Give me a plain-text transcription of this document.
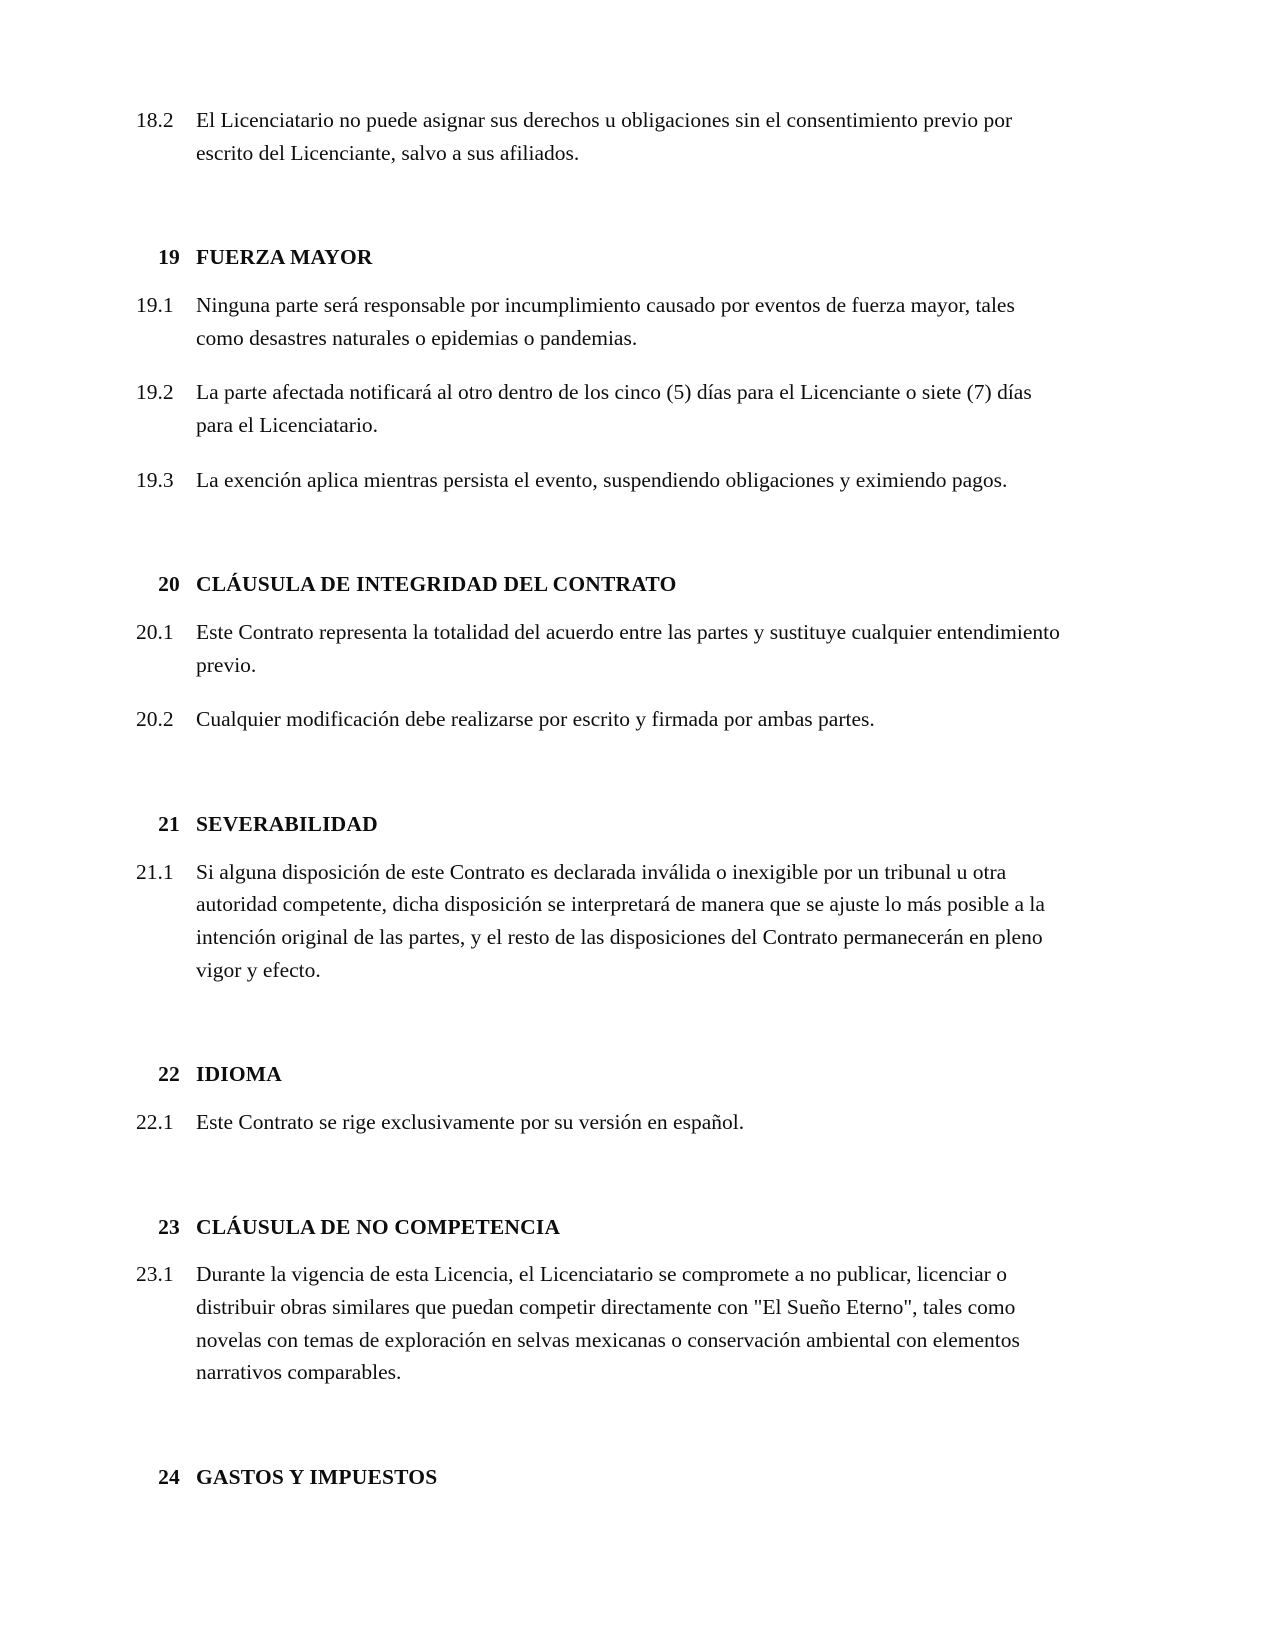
18.2	El Licenciatario no puede asignar sus derechos u obligaciones sin el consentimiento previo por escrito del Licenciante, salvo a sus afiliados.
19 FUERZA MAYOR
19.1	Ninguna parte será responsable por incumplimiento causado por eventos de fuerza mayor, tales como desastres naturales o epidemias o pandemias.
19.2	La parte afectada notificará al otro dentro de los cinco (5) días para el Licenciante o siete (7) días para el Licenciatario.
19.3	La exención aplica mientras persista el evento, suspendiendo obligaciones y eximiendo pagos.
20 CLÁUSULA DE INTEGRIDAD DEL CONTRATO
20.1	Este Contrato representa la totalidad del acuerdo entre las partes y sustituye cualquier entendimiento previo.
20.2	Cualquier modificación debe realizarse por escrito y firmada por ambas partes.
21 SEVERABILIDAD
21.1	Si alguna disposición de este Contrato es declarada inválida o inexigible por un tribunal u otra autoridad competente, dicha disposición se interpretará de manera que se ajuste lo más posible a la intención original de las partes, y el resto de las disposiciones del Contrato permanecerán en pleno vigor y efecto.
22 IDIOMA
22.1	Este Contrato se rige exclusivamente por su versión en español.
23 CLÁUSULA DE NO COMPETENCIA
23.1	Durante la vigencia de esta Licencia, el Licenciatario se compromete a no publicar, licenciar o distribuir obras similares que puedan competir directamente con "El Sueño Eterno", tales como novelas con temas de exploración en selvas mexicanas o conservación ambiental con elementos narrativos comparables.
24 GASTOS Y IMPUESTOS
